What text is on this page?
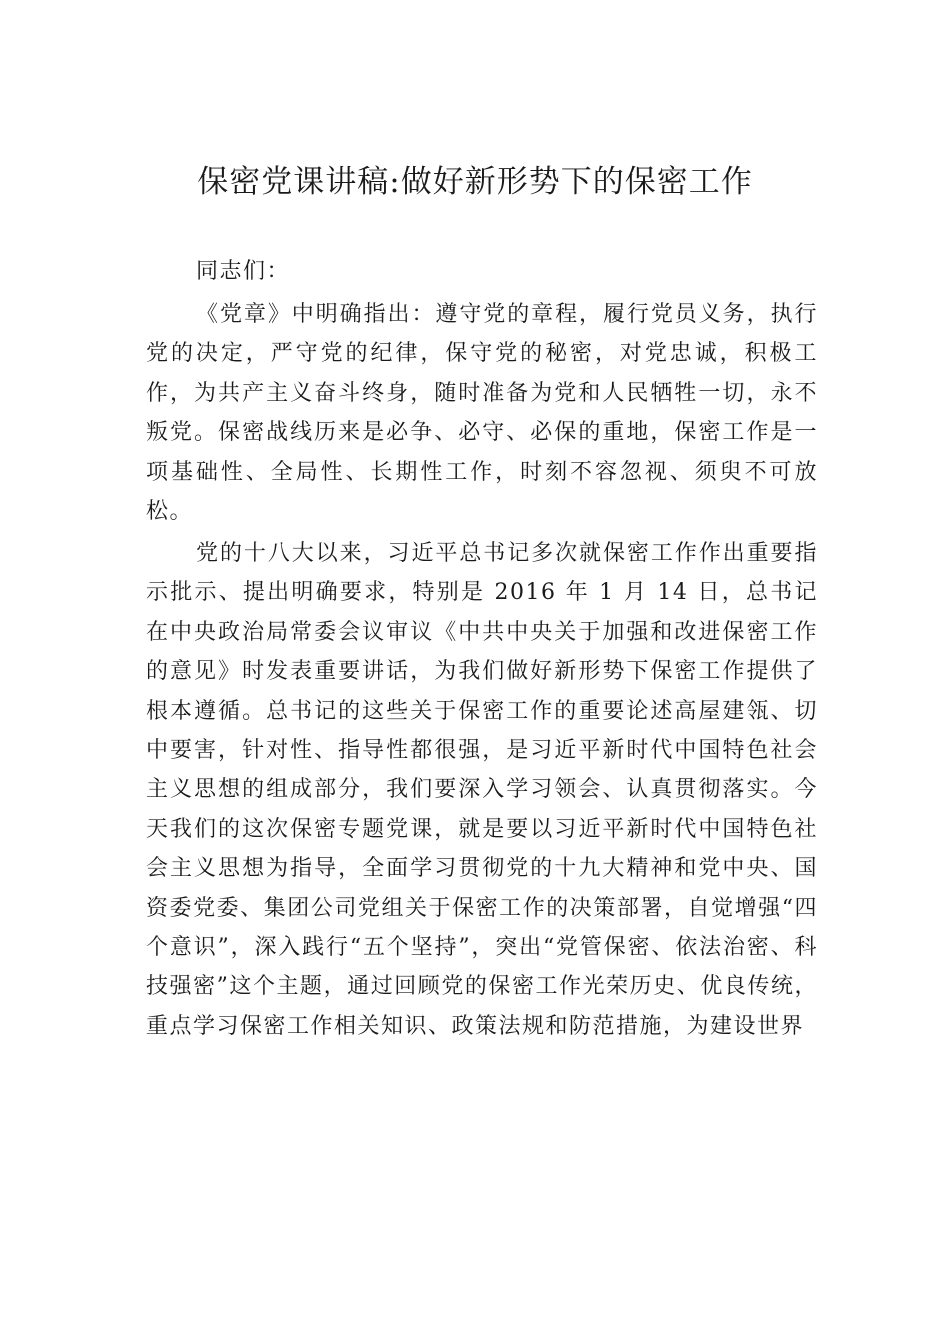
保密党课讲稿:做好新形势下的保密工作

同志们：

《党章》中明确指出：遵守党的章程，履行党员义务，执行党的决定，严守党的纪律，保守党的秘密，对党忠诚，积极工作，为共产主义奋斗终身，随时准备为党和人民牺牲一切，永不叛党。保密战线历来是必争、必守、必保的重地，保密工作是一项基础性、全局性、长期性工作，时刻不容忽视、须臾不可放松。

党的十八大以来，习近平总书记多次就保密工作作出重要指示批示、提出明确要求，特别是 2016 年 1 月 14 日，总书记在中央政治局常委会议审议《中共中央关于加强和改进保密工作的意见》时发表重要讲话，为我们做好新形势下保密工作提供了根本遵循。总书记的这些关于保密工作的重要论述高屋建瓴、切中要害，针对性、指导性都很强，是习近平新时代中国特色社会主义思想的组成部分，我们要深入学习领会、认真贯彻落实。今天我们的这次保密专题党课，就是要以习近平新时代中国特色社会主义思想为指导，全面学习贯彻党的十九大精神和党中央、国资委党委、集团公司党组关于保密工作的决策部署，自觉增强“四个意识”，深入践行“五个坚持”，突出“党管保密、依法治密、科技强密”这个主题，通过回顾党的保密工作光荣历史、优良传统，重点学习保密工作相关知识、政策法规和防范措施，为建设世界
